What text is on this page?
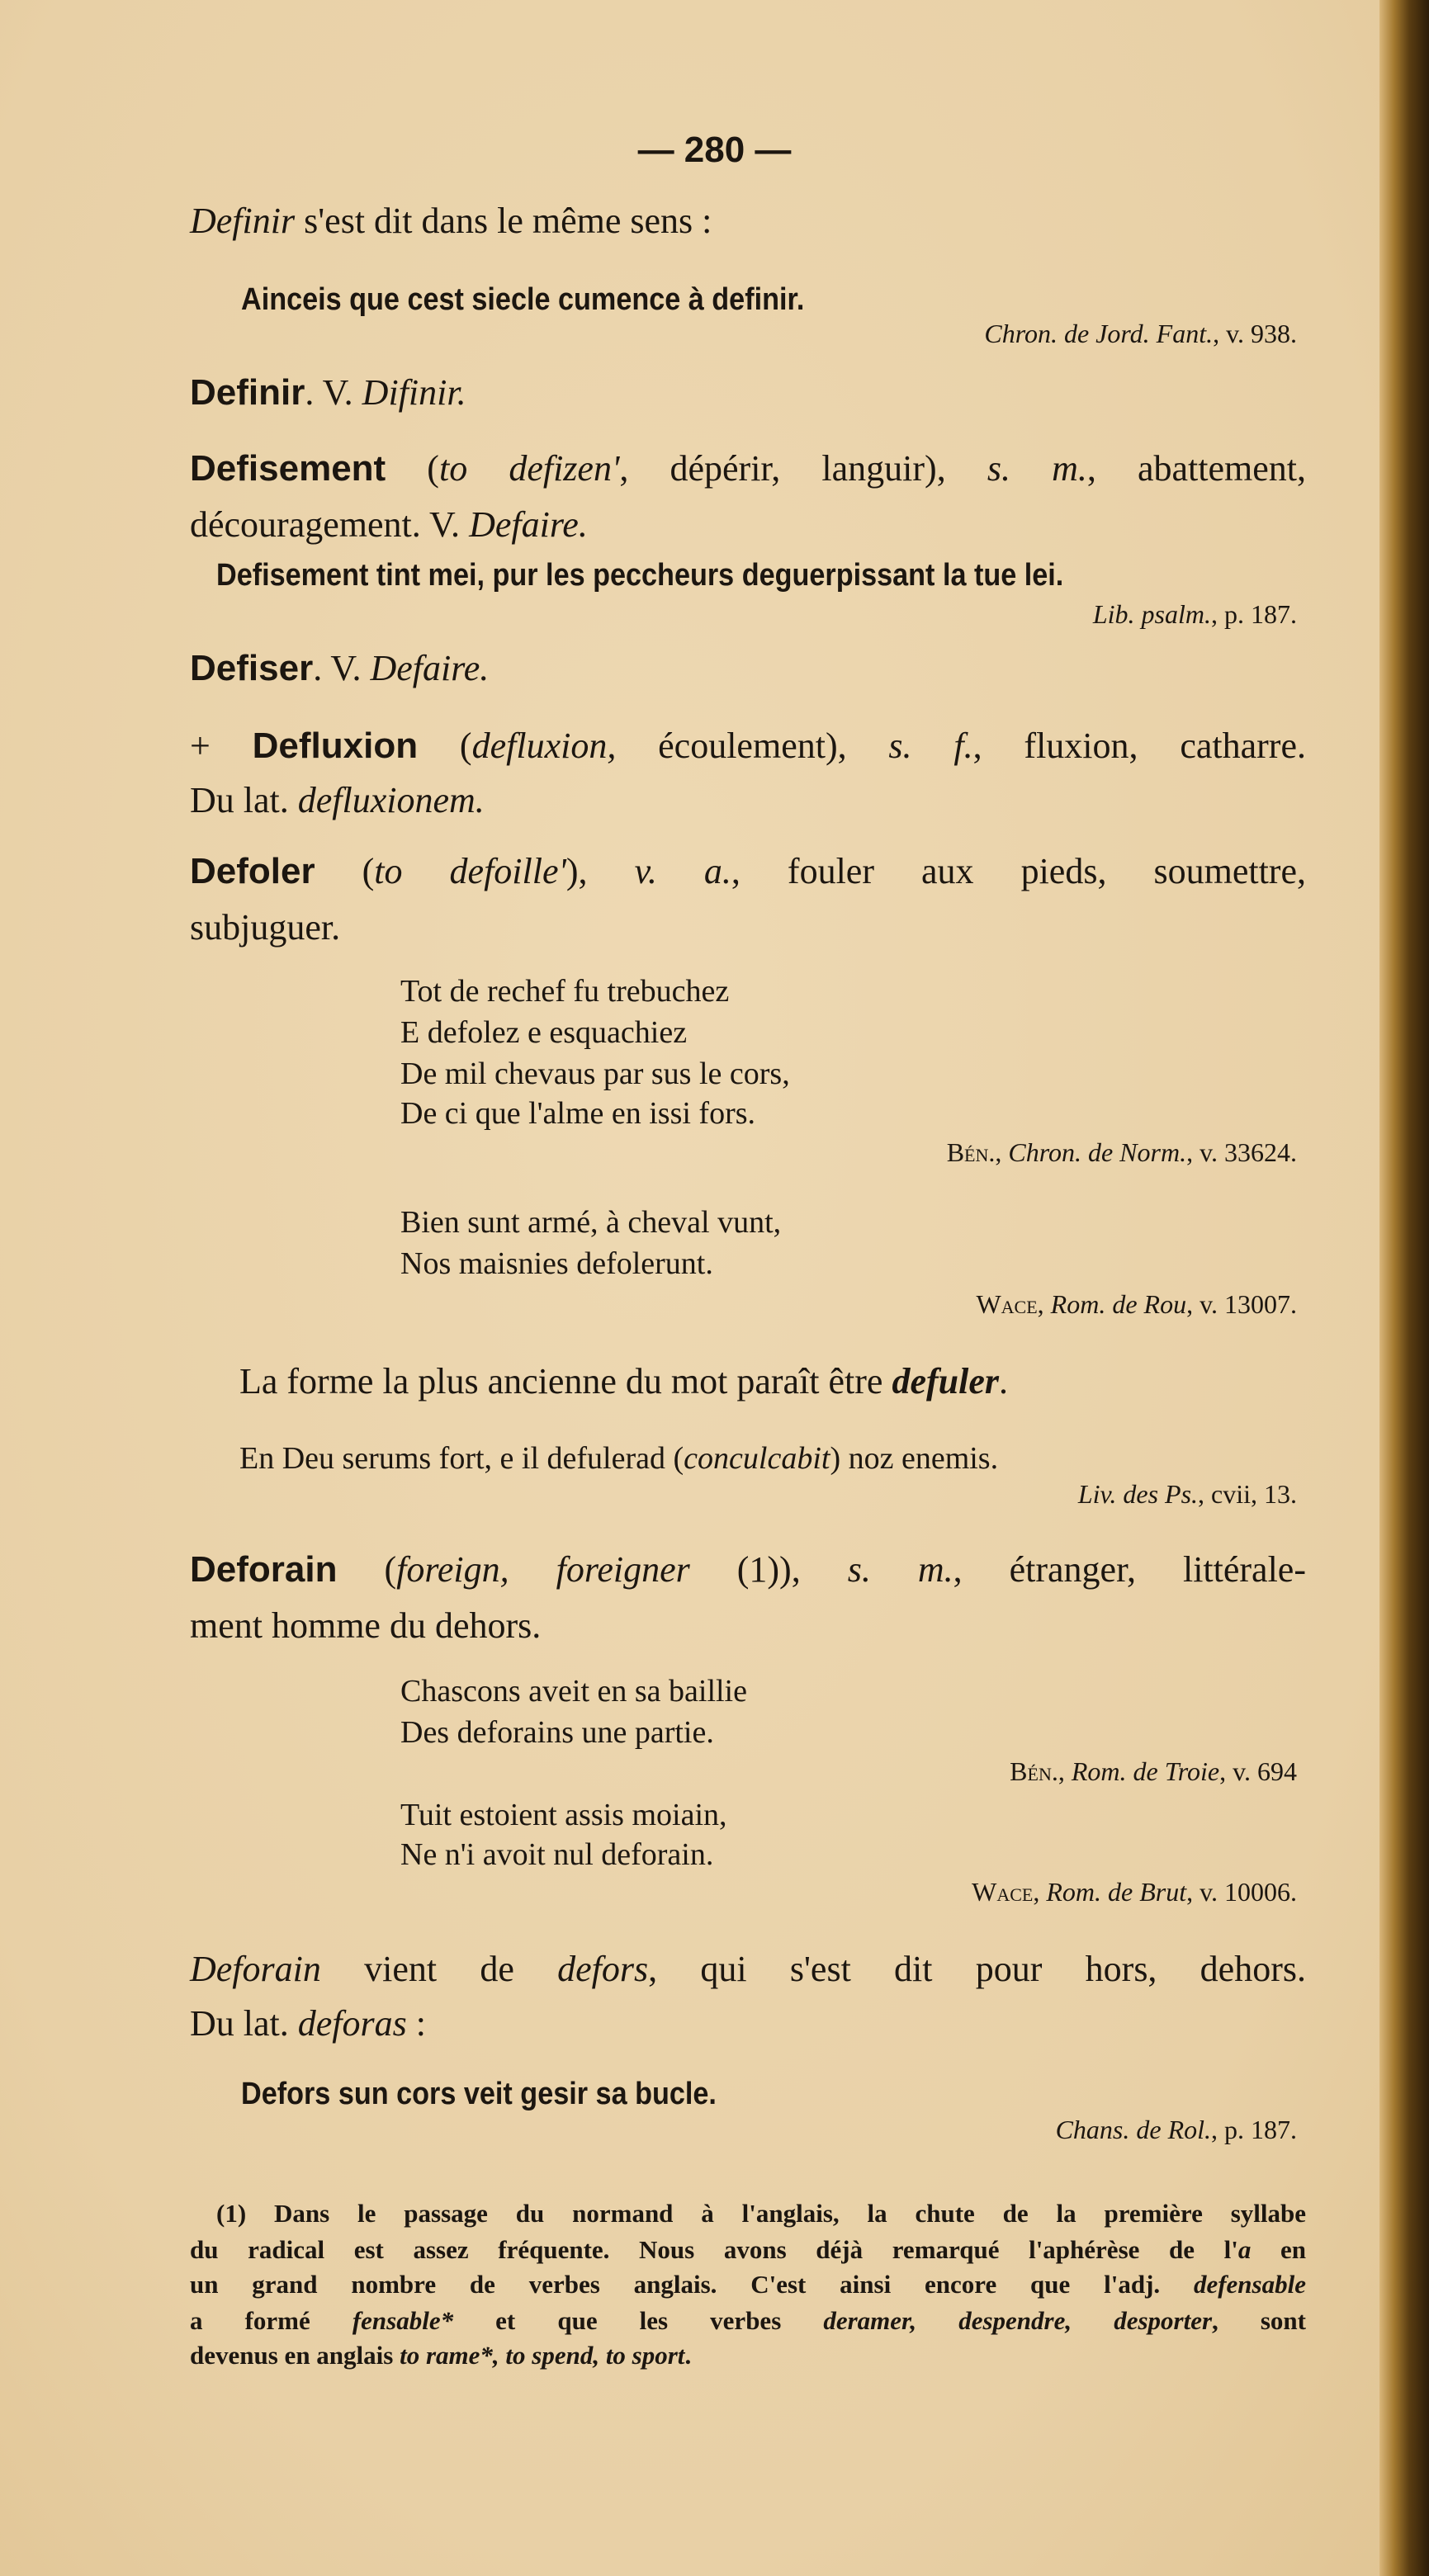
— 280 —
Definir s'est dit dans le même sens :
Ainceis que cest siecle cumence à definir.
Chron. de Jord. Fant., v. 938.
Definir. V. Difinir.
Defisement (to defizen', dépérir, languir), s. m., abattement,
découragement. V. Defaire.
Defisement tint mei, pur les peccheurs deguerpissant la tue lei.
Lib. psalm., p. 187.
Defiser. V. Defaire.
+ Defluxion (defluxion, écoulement), s. f., fluxion, catharre.
Du lat. defluxionem.
Defoler (to defoille'), v. a., fouler aux pieds, soumettre,
subjuguer.
Tot de rechef fu trebuchez
E defolez e esquachiez
De mil chevaus par sus le cors,
De ci que l'alme en issi fors.
Bén., Chron. de Norm., v. 33624.
Bien sunt armé, à cheval vunt,
Nos maisnies defolerunt.
Wace, Rom. de Rou, v. 13007.
La forme la plus ancienne du mot paraît être defuler.
En Deu serums fort, e il defulerad (conculcabit) noz enemis.
Liv. des Ps., cvii, 13.
Deforain (foreign, foreigner (1)), s. m., étranger, littérale-
ment homme du dehors.
Chascons aveit en sa baillie
Des deforains une partie.
Bén., Rom. de Troie, v. 694
Tuit estoient assis moiain,
Ne n'i avoit nul deforain.
Wace, Rom. de Brut, v. 10006.
Deforain vient de defors, qui s'est dit pour hors, dehors.
Du lat. deforas :
Defors sun cors veit gesir sa bucle.
Chans. de Rol., p. 187.
(1) Dans le passage du normand à l'anglais, la chute de la première syllabe
du radical est assez fréquente. Nous avons déjà remarqué l'aphérèse de l'a en
un grand nombre de verbes anglais. C'est ainsi encore que l'adj. defensable
a formé fensable* et que les verbes deramer, despendre, desporter, sont
devenus en anglais to rame*, to spend, to sport.
